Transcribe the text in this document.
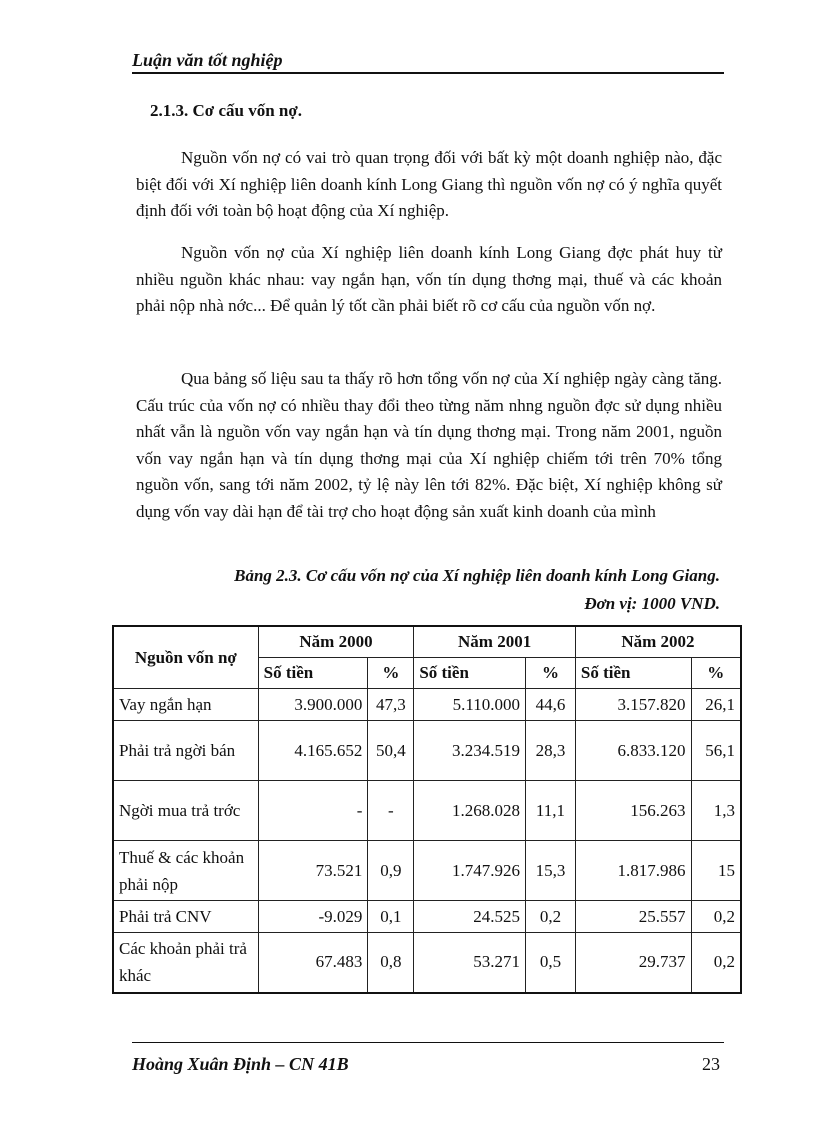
Luận văn tốt nghiệp
2.1.3. Cơ cấu vốn nợ.

Nguồn vốn nợ có vai trò quan trọng đối với bất kỳ một doanh nghiệp nào, đặc biệt đối với Xí nghiệp liên doanh kính Long Giang thì nguồn vốn nợ có ý nghĩa quyết định đối với toàn bộ hoạt động của Xí nghiệp.

Nguồn vốn nợ của Xí nghiệp liên doanh kính Long Giang đợc phát huy từ nhiều nguồn khác nhau: vay ngắn hạn, vốn tín dụng thơng mại, thuế và các khoản phải nộp nhà nớc... Để quản lý tốt cần phải biết rõ cơ cấu của nguồn vốn nợ.

Qua bảng số liệu sau ta thấy rõ hơn tổng vốn nợ của Xí nghiệp ngày càng tăng. Cấu trúc của vốn nợ có nhiều thay đổi theo từng năm nhng nguồn đợc sử dụng nhiều nhất vẫn là nguồn vốn vay ngắn hạn và tín dụng thơng mại. Trong năm 2001, nguồn vốn vay ngắn hạn và tín dụng thơng mại của Xí nghiệp chiếm tới trên 70% tổng nguồn vốn, sang tới năm 2002, tỷ lệ này lên tới 82%. Đặc biệt, Xí nghiệp không sử dụng vốn vay dài hạn để tài trợ cho hoạt động sản xuất kinh doanh của mình

Bảng 2.3. Cơ cấu vốn nợ của Xí nghiệp liên doanh kính Long Giang.
Đơn vị: 1000 VND.
Nguồn vốn nợ	Năm 2000		Năm 2001		Năm 2002	
	Số tiền	%	Số tiền	%	Số tiền	%
Vay ngắn hạn	3.900.000	47,3	5.110.000	44,6	3.157.820	26,1
Phải trả ngời bán	4.165.652	50,4	3.234.519	28,3	6.833.120	56,1
Ngời mua trả trớc	-	-	1.268.028	11,1	156.263	1,3
Thuế & các khoản phải nộp	73.521	0,9	1.747.926	15,3	1.817.986	15
Phải trả CNV	-9.029	0,1	24.525	0,2	25.557	0,2
Các khoản phải trả khác	67.483	0,8	53.271	0,5	29.737	0,2
Hoàng Xuân Định – CN 41B	23
